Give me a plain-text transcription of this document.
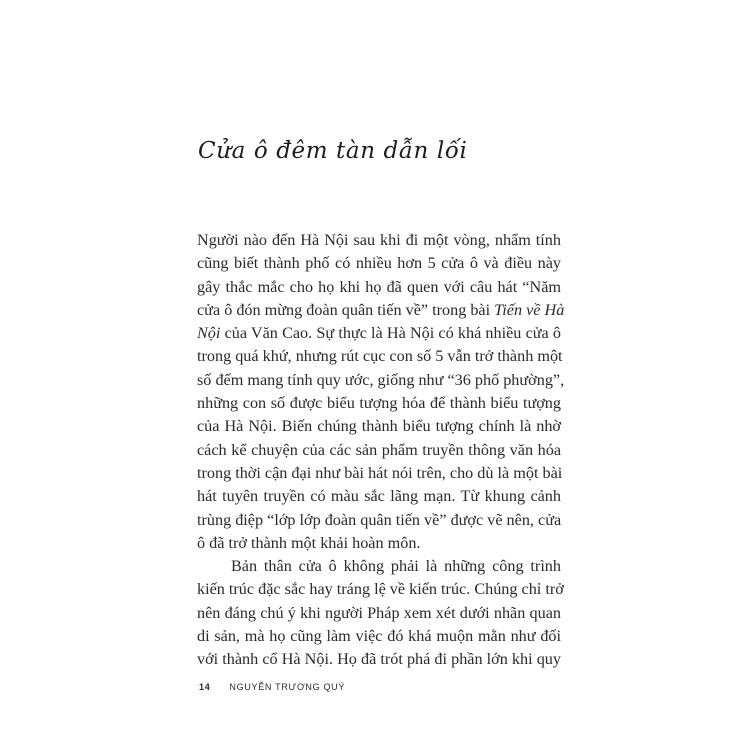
Cửa ô đêm tàn dẫn lối
Người nào đến Hà Nội sau khi đi một vòng, nhẩm tính
cũng biết thành phố có nhiều hơn 5 cửa ô và điều này
gây thắc mắc cho họ khi họ đã quen với câu hát “Năm
cửa ô đón mừng đoàn quân tiến về” trong bài Tiến về Hà
Nội của Văn Cao. Sự thực là Hà Nội có khá nhiều cửa ô
trong quá khứ, nhưng rút cục con số 5 vẫn trở thành một
số đếm mang tính quy ước, giống như “36 phố phường”,
những con số được biểu tượng hóa để thành biểu tượng
của Hà Nội. Biến chúng thành biểu tượng chính là nhờ
cách kể chuyện của các sản phẩm truyền thông văn hóa
trong thời cận đại như bài hát nói trên, cho dù là một bài
hát tuyên truyền có màu sắc lãng mạn. Từ khung cảnh
trùng điệp “lớp lớp đoàn quân tiến về” được vẽ nên, cửa
ô đã trở thành một khải hoàn môn.
Bản thân cửa ô không phải là những công trình
kiến trúc đặc sắc hay tráng lệ về kiến trúc. Chúng chỉ trở
nên đáng chú ý khi người Pháp xem xét dưới nhãn quan
di sản, mà họ cũng làm việc đó khá muộn mằn như đối
với thành cổ Hà Nội. Họ đã trót phá đi phần lớn khi quy
14 NGUYỄN TRƯƠNG QUÝ
